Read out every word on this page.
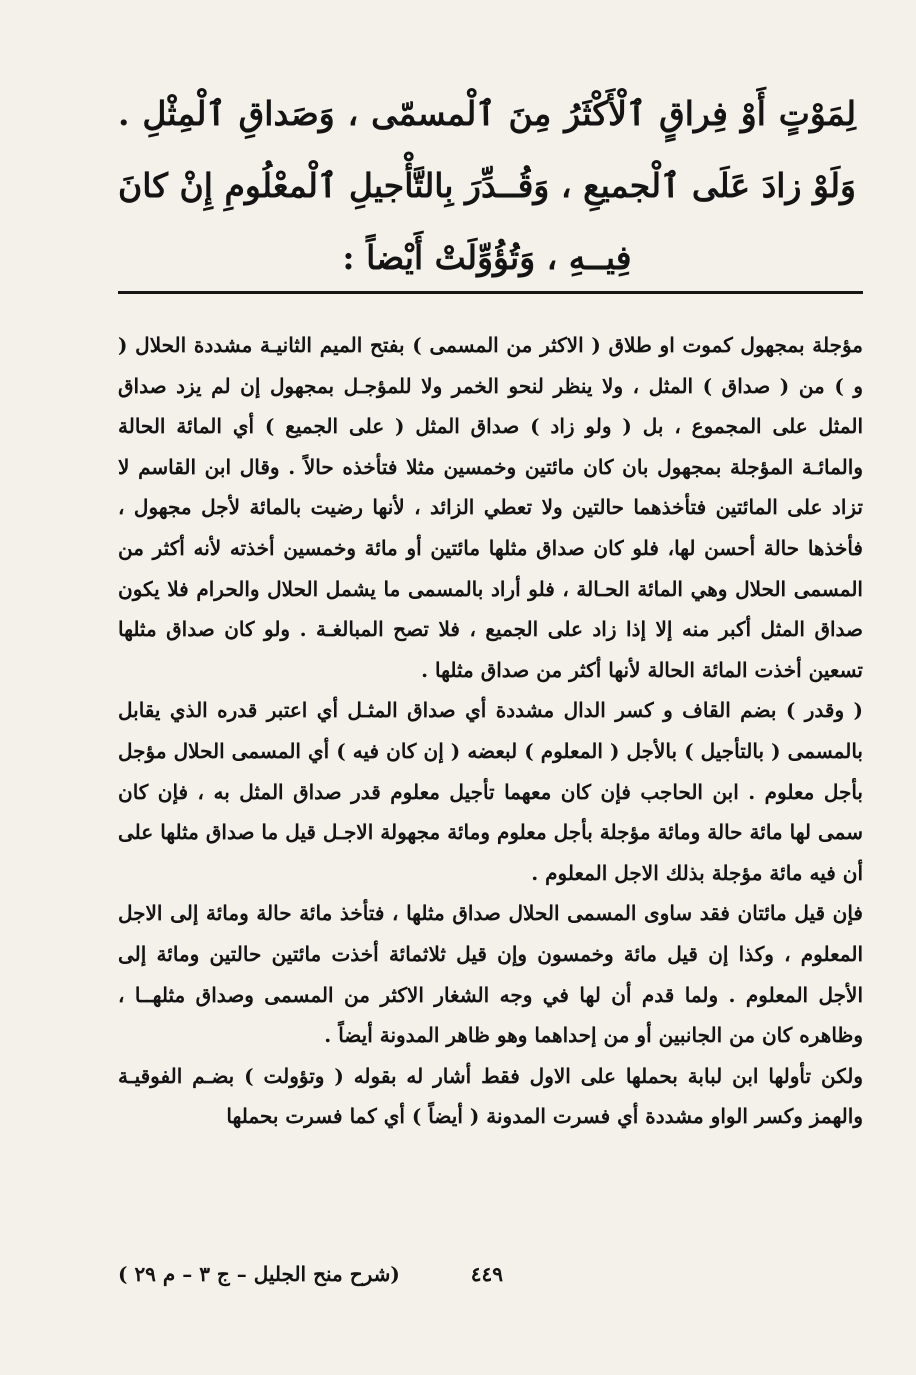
لِمَوْتٍ أَوْ فِراقٍ ٱلْأَكْثَرُ مِنَ ٱلْمسمّى ، وَصَداقِ ٱلْمِثْلِ . وَلَوْ زادَ عَلَى ٱلْجميعِ ، وَقُــدِّرَ بِالتَّأْجيلِ ٱلْمعْلُومِ إِنْ كانَ فِيــهِ ، وَتُؤُوِّلَتْ أَيْضاً :

مؤجلة بمجهول كموت او طلاق ( الاكثر من المسمى ) بفتح الميم الثانيـة مشددة الحلال ( و ) من ( صداق ) المثل ، ولا ينظر لنحو الخمر ولا للمؤجـل بمجهول إن لم يزد صداق المثل على المجموع ، بل ( ولو زاد ) صداق المثل ( على الجميع ) أي المائة الحالة والمائـة المؤجلة بمجهول بان كان مائتين وخمسين مثلا فتأخذه حالاً . وقال ابن القاسم لا تزاد على المائتين فتأخذهما حالتين ولا تعطي الزائد ، لأنها رضيت بالمائة لأجل مجهول ، فأخذها حالة أحسن لها، فلو كان صداق مثلها مائتين أو مائة وخمسين أخذته لأنه أكثر من المسمى الحلال وهي المائة الحـالة ، فلو أراد بالمسمى ما يشمل الحلال والحرام فلا يكون صداق المثل أكبر منه إلا إذا زاد على الجميع ، فلا تصح المبالغـة . ولو كان صداق مثلها تسعين أخذت المائة الحالة لأنها أكثر من صداق مثلها .

( وقدر ) بضم القاف و كسر الدال مشددة أي صداق المثـل أي اعتبر قدره الذي يقابل بالمسمى ( بالتأجيل ) بالأجل ( المعلوم ) لبعضه ( إن كان فيه ) أي المسمى الحلال مؤجل بأجل معلوم . ابن الحاجب فإن كان معهما تأجيل معلوم قدر صداق المثل به ، فإن كان سمى لها مائة حالة ومائة مؤجلة بأجل معلوم ومائة مجهولة الاجـل قيل ما صداق مثلها على أن فيه مائة مؤجلة بذلك الاجل المعلوم .

فإن قيل مائتان فقد ساوى المسمى الحلال صداق مثلها ، فتأخذ مائة حالة ومائة إلى الاجل المعلوم ، وكذا إن قيل مائة وخمسون وإن قيل ثلاثمائة أخذت مائتين حالتين ومائة إلى الأجل المعلوم . ولما قدم أن لها في وجه الشغار الاكثر من المسمى وصداق مثلهــا ، وظاهره كان من الجانبين أو من إحداهما وهو ظاهر المدونة أيضاً .

ولكن تأولها ابن لبابة بحملها على الاول فقط أشار له بقوله ( وتؤولت ) بضـم الفوقيـة والهمز وكسر الواو مشددة أي فسرت المدونة ( أيضاً ) أي كما فسرت بحملها

٤٤٩
(شرح منح الجليل – ج ٣ – م ٢٩ )
